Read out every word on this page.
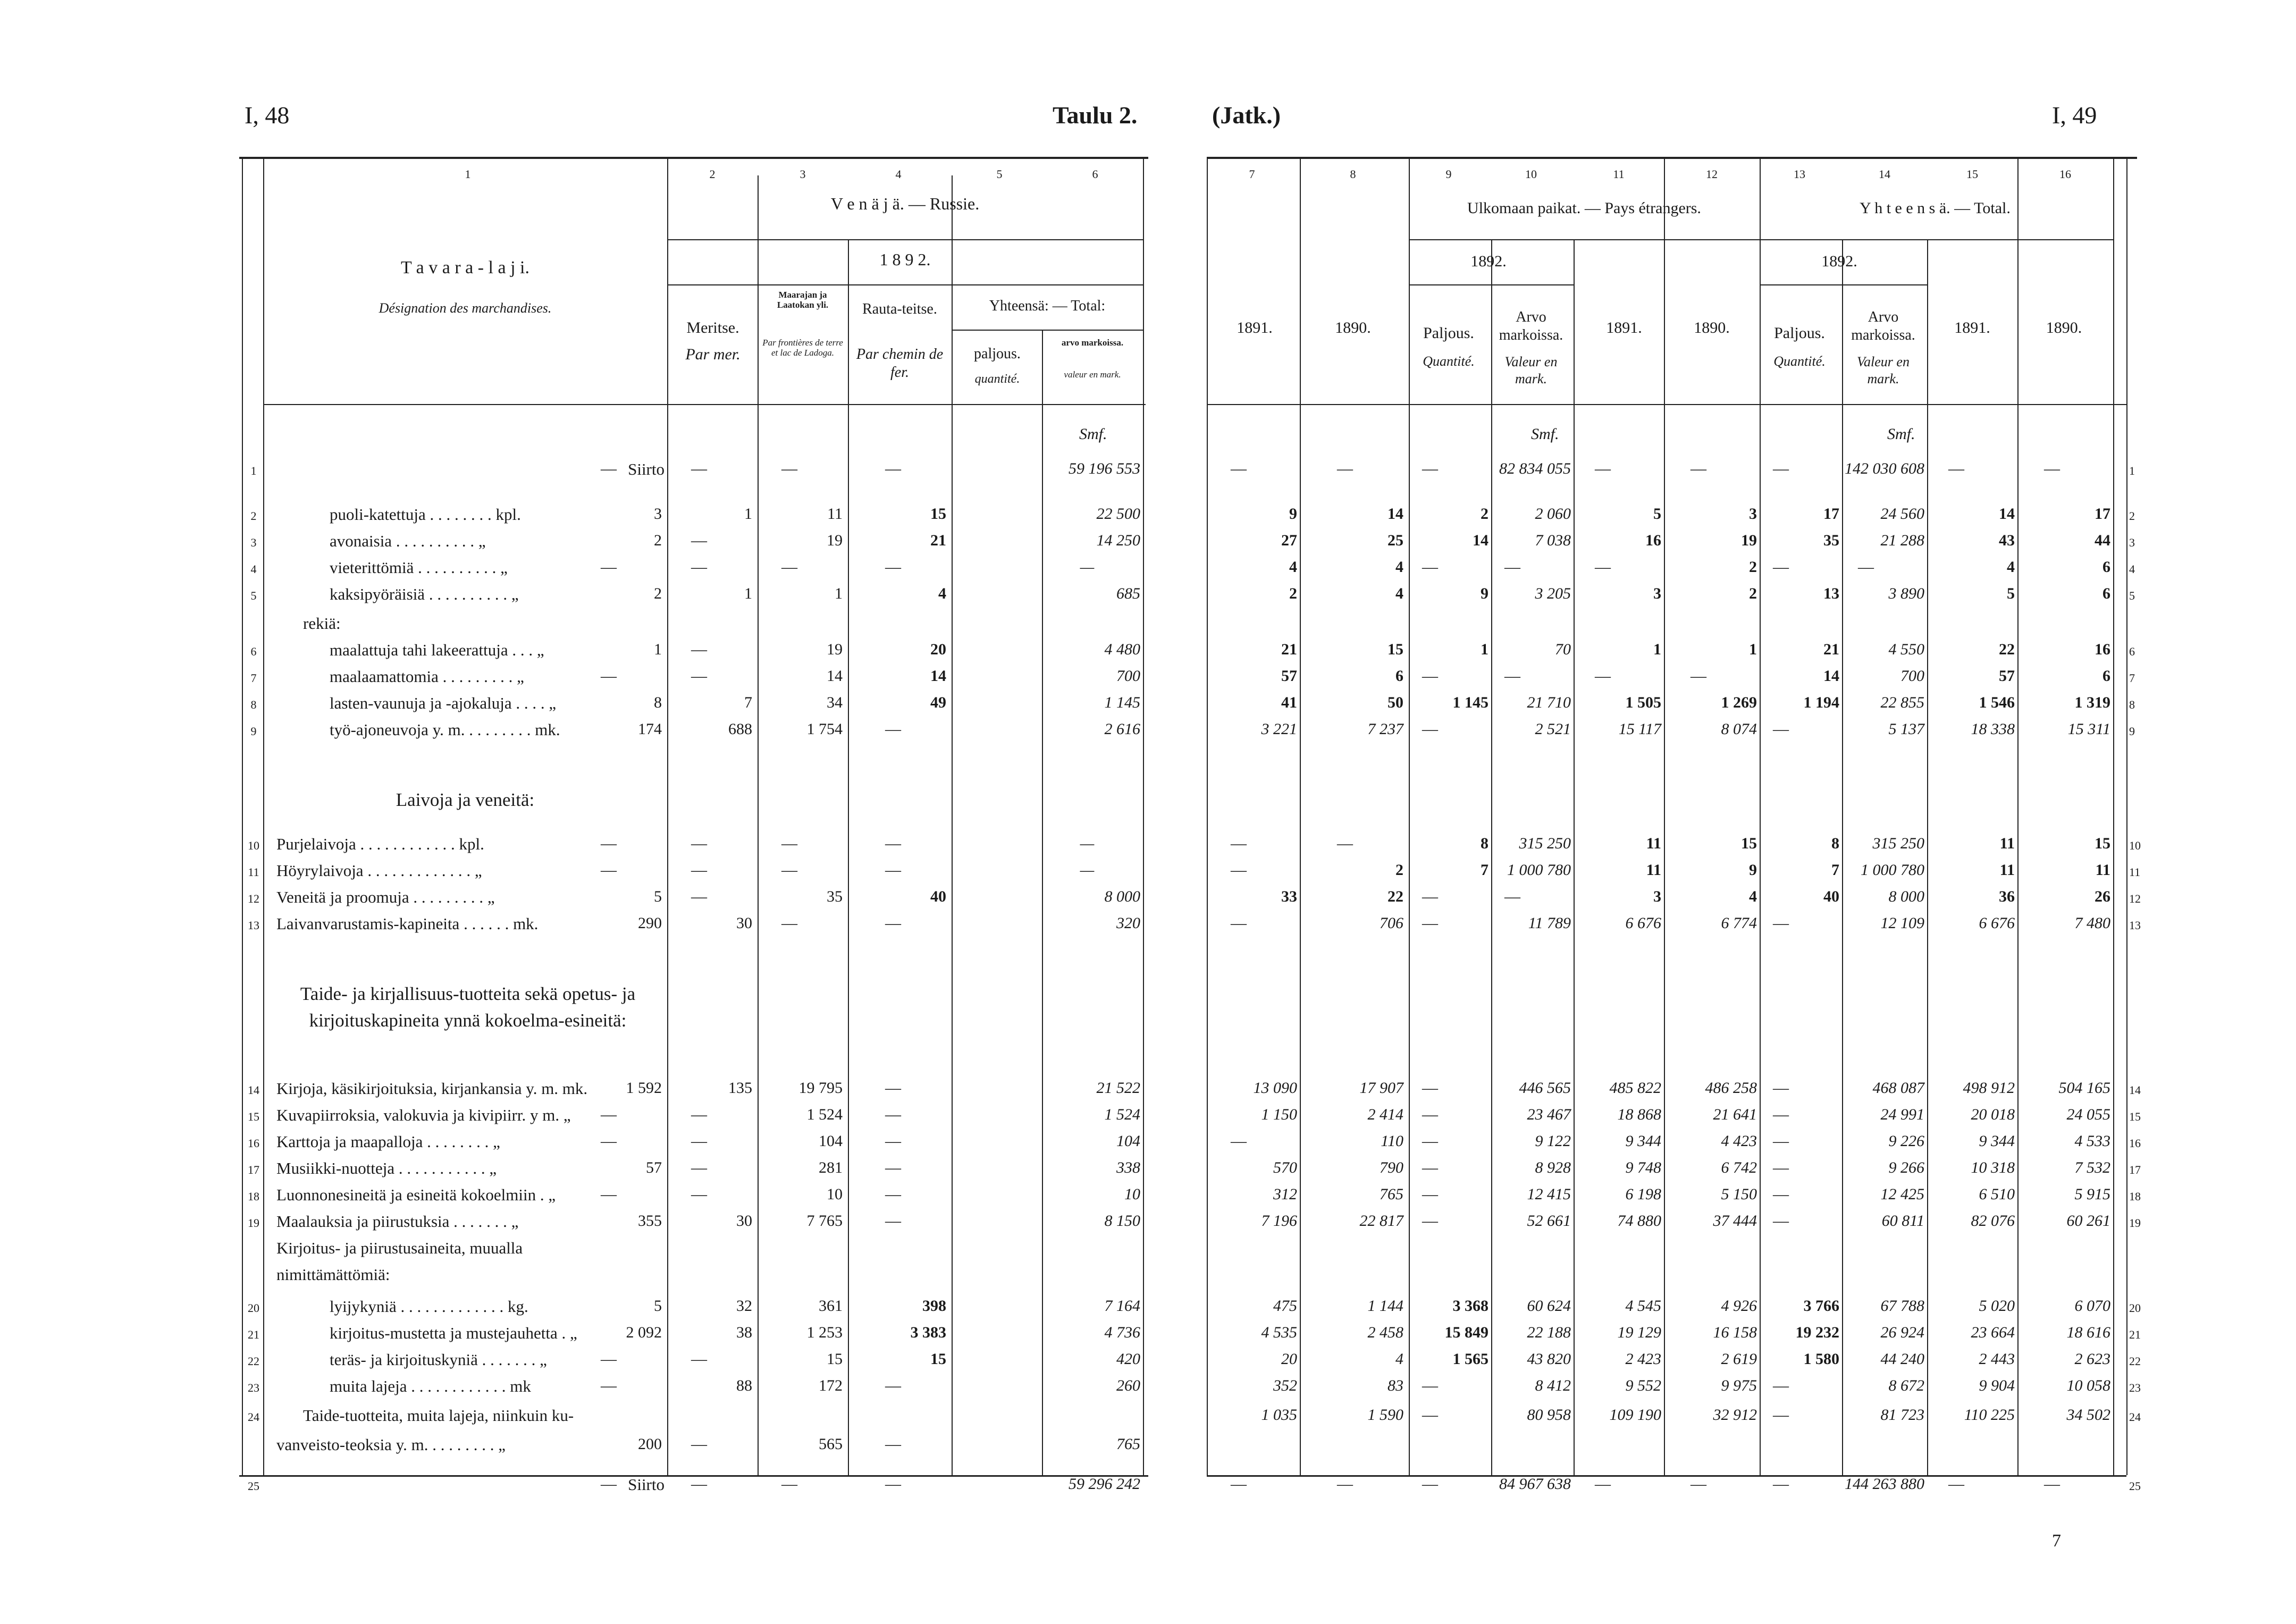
I, 48	Taulu 2.
1	2	3	4	5	6
V e n ä j ä. — Russie.
1 8 9 2.
T a v a r a - l a j i.
Désignation des marchandises.
Meritse.
Par mer.
Maarajan ja Laatokan yli.
Par frontières de terre et lac de Ladoga.
Rauta-teitse.
Par chemin de fer.
Yhteensä: — Total:
paljous.
quantité.
arvo markoissa.
valeur en mark.
Smf.
Laivoja ja veneitä:
Taide- ja kirjallisuus-tuotteita sekä opetus- ja kirjoituskapineita ynnä kokoelma-esineitä:
1	Siirto
—	—	—	—	59 196 553
2	puoli-katettuja . . . . . . . . kpl.	3	1	11	15	22 500
3	avonaisia . . . . . . . . . . „	2	—	19	21	14 250
4	vieterittömiä . . . . . . . . . . „	—	—	—	—	—
5	kaksipyöräisiä . . . . . . . . . . „	2	1	1	4	685
rekiä:
6	maalattuja tahi lakeerattuja . . . „	1	—	19	20	4 480
7	maalaamattomia . . . . . . . . . „	—	—	14	14	700
8	lasten-vaunuja ja -ajokaluja . . . . „	8	7	34	49	1 145
9	työ-ajoneuvoja y. m. . . . . . . . . mk.	174	688	1 754	—	2 616
10 Purjelaivoja . . . . . . . . . . . . kpl.	—	—	—	—	—
11 Höyrylaivoja . . . . . . . . . . . . . „	—	—	—	—	—
12 Veneitä ja proomuja . . . . . . . . . „	5	—	35	40	8 000
13 Laivanvarustamis-kapineita . . . . . . mk.	290	30	—	—	320
14 Kirjoja, käsikirjoituksia, kirjankansia y. m. mk.	1 592	135	19 795	—	21 522
15 Kuvapiirroksia, valokuvia ja kivipiirr. y m. „	—	—	1 524	—	1 524
16 Karttoja ja maapalloja . . . . . . . . „	—	—	104	—	104
17 Musiikki-nuotteja . . . . . . . . . . . „	57	—	281	—	338
18 Luonnonesineitä ja esineitä kokoelmiin . „	—	—	10	—	10
19 Maalauksia ja piirustuksia . . . . . . . „	355	30	7 765	—	8 150
Kirjoitus- ja piirustusaineita, muualla
nimittämättömiä:
20	lyijykyniä . . . . . . . . . . . . . kg.	5	32	361	398	7 164
21	kirjoitus-mustetta ja mustejauhetta . „	2 092	38	1 253	3 383	4 736
22	teräs- ja kirjoituskyniä . . . . . . . „	—	—	15	15	420
23	muita lajeja . . . . . . . . . . . . mk	—	88	172	—	260
24	Taide-tuotteita, muita lajeja, niinkuin ku-
vanveisto-teoksia y. m. . . . . . . . . „	200	—	565	—	765
25	Siirto
—	—	—	—	59 296 242
(Jatk.)	I, 49
7	8	9	10	11	12	13	14	15	16
Ulkomaan paikat. — Pays étrangers.	Y h t e e n s ä. — Total.
1892.	1892.
1891.	1890.	Paljous.
Quantité.
Arvo markoissa.
Valeur en mark.
1891.	1890.	Paljous.
Quantité.
Arvo markoissa.
Valeur en mark.
1891.	1890.
Smf.	Smf.
1
—	—	—	82 834 055	—	—	—	142 030 608	—	—
2
9	14	2	2 060	5	3	17	24 560	14	17
3
27	25	14	7 038	16	19	35	21 288	43	44
4
4	4	—	—	—	2	—	—	4	6
5
2	4	9	3 205	3	2	13	3 890	5	6
6
21	15	1	70	1	1	21	4 550	22	16
7
57	6	—	—	—	—	14	700	57	6
8
41	50	1 145	21 710	1 505	1 269	1 194	22 855	1 546	1 319
9
3 221	7 237	—	2 521	15 117	8 074	—	5 137	18 338	15 311
10
—	—	8	315 250	11	15	8	315 250	11	15
11
—	2	7	1 000 780	11	9	7	1 000 780	11	11
12
33	22	—	—	3	4	40	8 000	36	26
13
—	706	—	11 789	6 676	6 774	—	12 109	6 676	7 480
14
13 090	17 907	—	446 565	485 822	486 258	—	468 087	498 912	504 165
15
1 150	2 414	—	23 467	18 868	21 641	—	24 991	20 018	24 055
16
—	110	—	9 122	9 344	4 423	—	9 226	9 344	4 533
17
570	790	—	8 928	9 748	6 742	—	9 266	10 318	7 532
18
312	765	—	12 415	6 198	5 150	—	12 425	6 510	5 915
19
7 196	22 817	—	52 661	74 880	37 444	—	60 811	82 076	60 261
20
475	1 144	3 368	60 624	4 545	4 926	3 766	67 788	5 020	6 070
21
4 535	2 458	15 849	22 188	19 129	16 158	19 232	26 924	23 664	18 616
22
20	4	1 565	43 820	2 423	2 619	1 580	44 240	2 443	2 623
23
352	83	—	8 412	9 552	9 975	—	8 672	9 904	10 058
24
1 035	1 590	—	80 958	109 190	32 912	—	81 723	110 225	34 502
25
—	—	—	84 967 638	—	—	—	144 263 880	—	—
7
